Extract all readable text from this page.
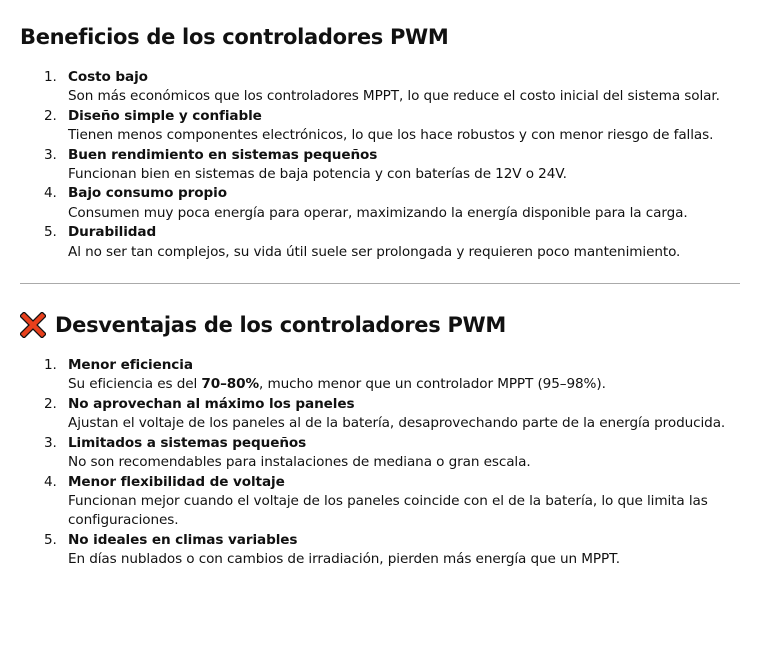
Beneficios de los controladores PWM
1. Costo bajo
Son más económicos que los controladores MPPT, lo que reduce el costo inicial del sistema solar.
2. Diseño simple y confiable
Tienen menos componentes electrónicos, lo que los hace robustos y con menor riesgo de fallas.
3. Buen rendimiento en sistemas pequeños
Funcionan bien en sistemas de baja potencia y con baterías de 12V o 24V.
4. Bajo consumo propio
Consumen muy poca energía para operar, maximizando la energía disponible para la carga.
5. Durabilidad
Al no ser tan complejos, su vida útil suele ser prolongada y requieren poco mantenimiento.
Desventajas de los controladores PWM
1. Menor eficiencia
Su eficiencia es del 70–80%, mucho menor que un controlador MPPT (95–98%).
2. No aprovechan al máximo los paneles
Ajustan el voltaje de los paneles al de la batería, desaprovechando parte de la energía producida.
3. Limitados a sistemas pequeños
No son recomendables para instalaciones de mediana o gran escala.
4. Menor flexibilidad de voltaje
Funcionan mejor cuando el voltaje de los paneles coincide con el de la batería, lo que limita las configuraciones.
5. No ideales en climas variables
En días nublados o con cambios de irradiación, pierden más energía que un MPPT.
